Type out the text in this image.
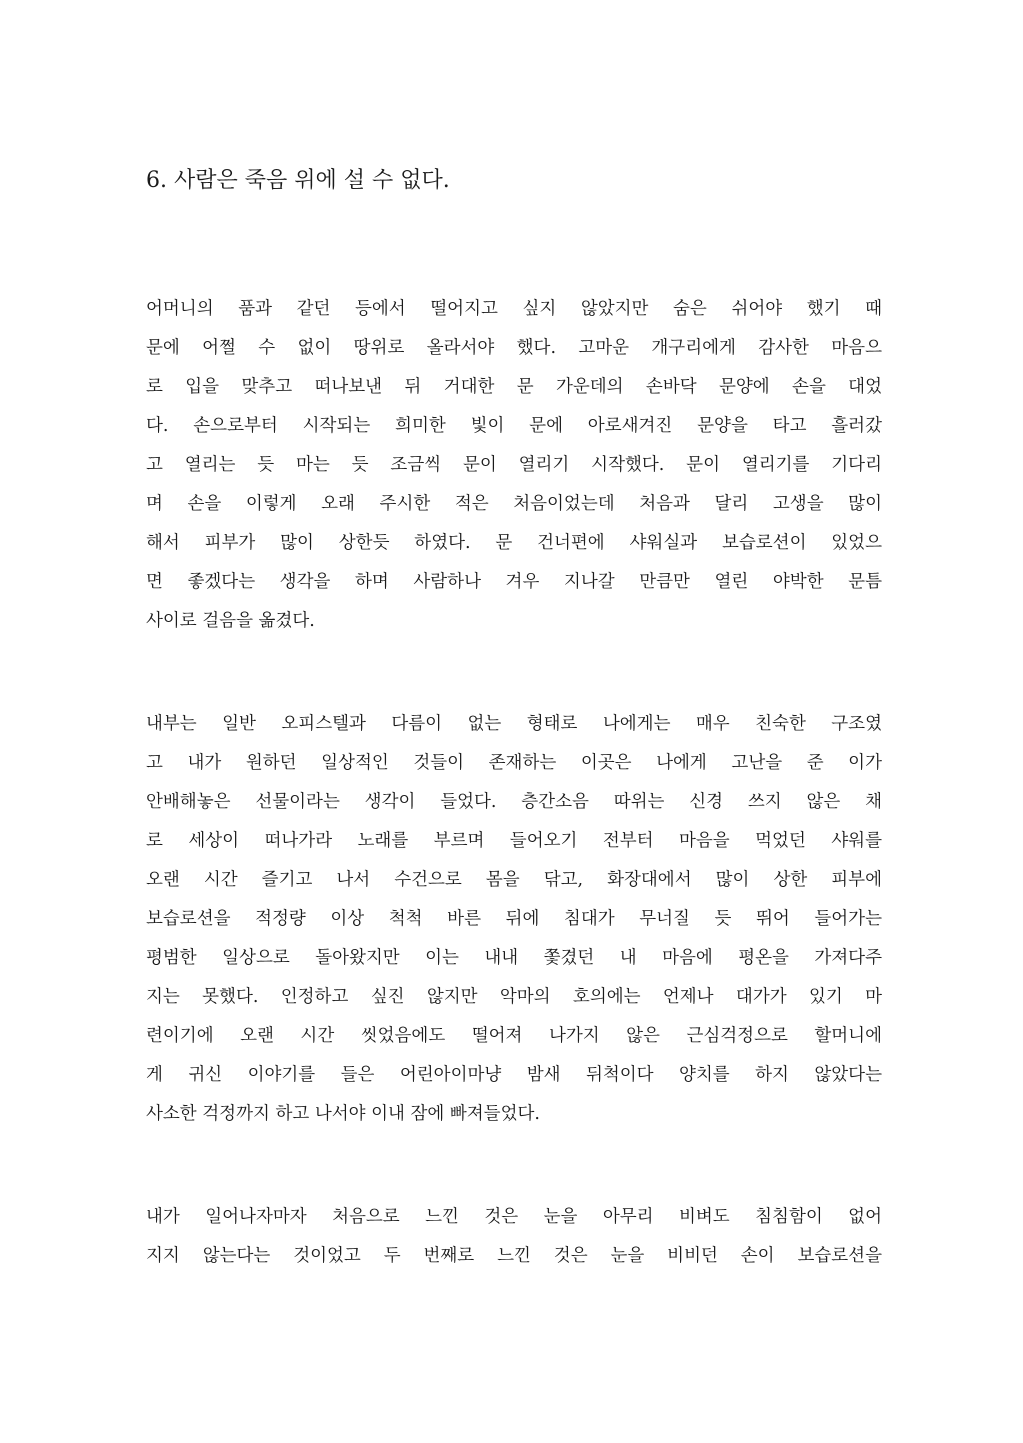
6. 사람은 죽음 위에 설 수 없다.
어머니의 품과 같던 등에서 떨어지고 싶지 않았지만 숨은 쉬어야 했기 때
문에 어쩔 수 없이 땅위로 올라서야 했다. 고마운 개구리에게 감사한 마음으
로 입을 맞추고 떠나보낸 뒤 거대한 문 가운데의 손바닥 문양에 손을 대었
다. 손으로부터 시작되는 희미한 빛이 문에 아로새겨진 문양을 타고 흘러갔
고 열리는 듯 마는 듯 조금씩 문이 열리기 시작했다. 문이 열리기를 기다리
며 손을 이렇게 오래 주시한 적은 처음이었는데 처음과 달리 고생을 많이
해서 피부가 많이 상한듯 하였다. 문 건너편에 샤워실과 보습로션이 있었으
면 좋겠다는 생각을 하며 사람하나 겨우 지나갈 만큼만 열린 야박한 문틈
사이로 걸음을 옮겼다.
내부는 일반 오피스텔과 다름이 없는 형태로 나에게는 매우 친숙한 구조였
고 내가 원하던 일상적인 것들이 존재하는 이곳은 나에게 고난을 준 이가
안배해놓은 선물이라는 생각이 들었다. 층간소음 따위는 신경 쓰지 않은 채
로 세상이 떠나가라 노래를 부르며 들어오기 전부터 마음을 먹었던 샤워를
오랜 시간 즐기고 나서 수건으로 몸을 닦고, 화장대에서 많이 상한 피부에
보습로션을 적정량 이상 척척 바른 뒤에 침대가 무너질 듯 뛰어 들어가는
평범한 일상으로 돌아왔지만 이는 내내 쫓겼던 내 마음에 평온을 가져다주
지는 못했다. 인정하고 싶진 않지만 악마의 호의에는 언제나 대가가 있기 마
련이기에 오랜 시간 씻었음에도 떨어져 나가지 않은 근심걱정으로 할머니에
게 귀신 이야기를 들은 어린아이마냥 밤새 뒤척이다 양치를 하지 않았다는
사소한 걱정까지 하고 나서야 이내 잠에 빠져들었다.
내가 일어나자마자 처음으로 느낀 것은 눈을 아무리 비벼도 침침함이 없어
지지 않는다는 것이었고 두 번째로 느낀 것은 눈을 비비던 손이 보습로션을
